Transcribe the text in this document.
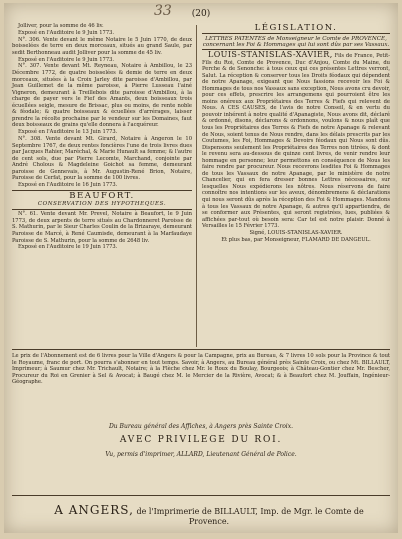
33	(20)

Jolliver, pour la somme de 46 liv.

Exposé en l'Auditoire le 9 Juin 1773.

N°. 306. Vente devant le même Notaire le 5 Juin 1770, de deux boisselées de terre en deux morceaux, situés au grand Saule, par sedit Berthonneau audit Jolliver pour la somme de 45 liv.

Exposé en l'Auditoire le 9 Juin 1773.

N°. 307. Vente devant Mt. Reyneau, Notaire à Ambillou, le 23 Décembre 1772, de quatre boisselées & demie de terre en deux morceaux, situées à la Croix Jarley dite paroisse d'Ambillou, par Jean Guillemet de la même paroisse, à Pierre Lusseau l'ainé Vigneron, demeurant à Treillebois dite paroisse d'Ambillou, à la charge de payer vers le Fief des Amants, deux boisseaux trois écuellées seigle, mesure de Brissac, plus ou moins, de rente noble & féodale; & quatre boisseaux & écuellées d'arrérages, laisser prendre la récolte prochaine par le vendeur sur les Domaines, faut deux boisseaux de grains qu'elle donnera à l'acquéreur.

Exposé en l'Auditoire le 13 Juin 1773.

N°. 308. Vente devant Mt. Girard, Notaire à Angeron le 10 Septembre 1767, de deux rentes foncières l'une de trois livres dues par Jacques Rahier, Maréchal, & Marie Hunault sa femme; & l'autre de cent sols, due par Pierre Lecomte, Marchand, conjointe par André Cholous & Magdeleine Goichot sa femme, demeurant paroisse de Gennevais, à Mr. Augustin-René Brion, Notaire, Paroisse de Cerfat, pour la somme de 100 livres.

Exposé en l'Auditoire le 16 Juin 1773.

BEAUFORT.
CONSERVATION DES HYPOTHEQUES.

N°. 61. Vente devant Mr. Prevel, Notaire à Beaufort, le 9 Juin 1773, de deux arpents de terre situés au Chardonneret Paroisse de S. Mathurin, par le Sieur Charles Coulin de la Brizaraye, demeurant Paroisse de Marcé, à René Caumisde, demeurant à la Marfaudaye Paroisse de S. Mathurin, pour la somme de 2648 liv.

Exposé en l'Auditoire le 19 Juin 1773.

LÉGISLATION.
LETTRES PATENTES de Monseigneur le Comte de PROVENCE, concernant les Foi & Hommages qui lui sont dûs par ses Vassaux.

LOUIS-STANISLAS-XAVIER, Fils de France, Petit-Fils du Roi, Comte de Provence, Duc d'Anjou, Comte du Maine, du Perche & de Senonche: à tous ceux qui ces présentes Lettres verront, Salut. La réception & conserver tous les Droits féodaux qui dépendent de notre Apanage, exigeant que Nous fassions recevoir les Foi & Hommages de tous nos Vassaux sans exception, Nous avons cru devoir, pour ces effets, prescrire les arrangemens qui pourroient être les moins onéreux aux Propriétaires des Terres & Fiefs qui relevent de Nous. A CES CAUSES, de l'avis de notre Conseil, & en vertu du pouvoir inhérent à notre qualité d'Apanagiste, Nous avons dit, déclaré & ordonné, disons, déclarons & ordonnons, voulons & nous plaît que tous les Propriétaires des Terres & Fiefs de notre Apanage & relevant de Nous, soient tenus de Nous rendre, dans les délais prescrits par les Coutumes, les Foi, Hommages & Devoirs féodaux qui Nous sont dûs. Dispensons seulement les Propriétaires des Terres non titrées, & dont le revenu sera au-dessous de quinze cent livres, de venir rendre leur hommage en personne; leur permettons en conséquence de Nous les faire rendre par procureur. Nous recevrons lesdites Foi & Hommages de tous les Vassaux de notre Apanage, par le ministère de notre Chancelier, qui en fera dresser bonnes Lettres nécessaires, sur lesquelles Nous expédierons les nôtres. Nous réservons de faire connoître nos intentions sur les aveux, dénombremens & déclarations qui nous seront dûs après la réception des Foi & Hommages. Mandons à tous les Vassaux de notre Apanage, & autres qu'il appartiendra, de se conformer aux Présentes, qui seront registrées, lues, publiées & affichées par-tout où besoin sera: Car tel est notre plaisir. Donné à Versailles le 15 Février 1773.

Signé, LOUIS-STANISLAS-XAVIER.

Et plus bas, par Monseigneur, FLAMARD DE DANGEUL.

Le prix de l'Abonnement est de 6 livres pour la Ville d'Angers & pour la Campagne, prix au Bureau, & 7 livres 10 sols pour la Province & tout le Royaume, franc de port. On pourra s'abonner en tout temps. Savoir, à Angers, au Bureau général près Sainte Croix, ou chez Mt. BILLAULT, Imprimeur; à Saumur chez Mr. Trichault, Notaire; à la Flèche chez Mr. le Roux du Boulay, Bourgeois; à Château-Gontier chez Mr. Bescher, Procureur du Roi en Grenier à Sel & Avocat; à Baugé chez M. le Mercier de la Rivière, Avocat; & à Beaufort chez M. Jouffain, Ingénieur-Géographe.
Du Bureau général des Affiches, à Angers près Sainte Croix.
AVEC PRIVILEGE DU ROI.
Vu, permis d'imprimer, ALLARD, Lieutenant Général de Police.
A ANGERS, de l'Imprimerie de BILLAULT, Imp. de Mgr. le Comte de Provence.
